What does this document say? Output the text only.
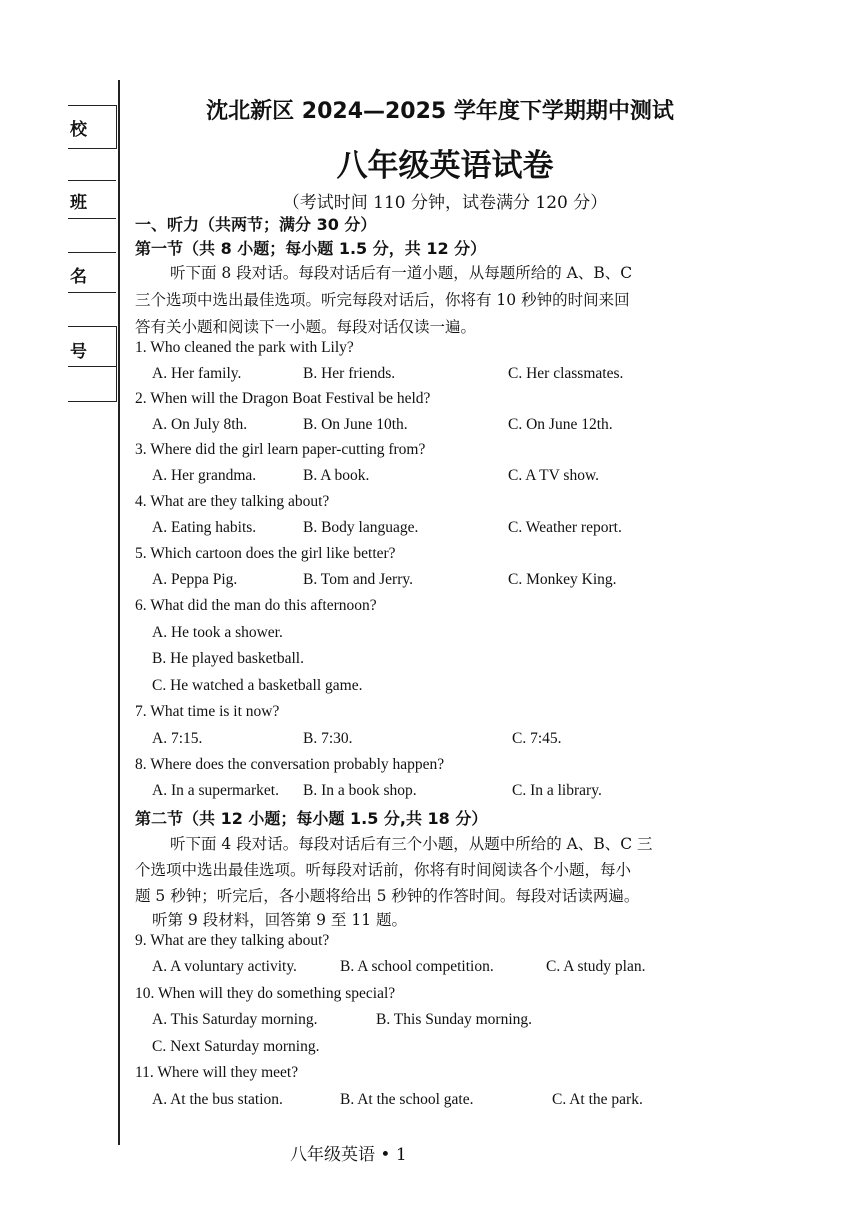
校
班
名
号
沈北新区 2024—2025 学年度下学期期中测试
八年级英语试卷
（考试时间 110 分钟，试卷满分 120 分）
一、听力（共两节；满分 30 分）
第一节（共 8 小题；每小题 1.5 分，共 12 分）
听下面 8 段对话。每段对话后有一道小题，从每题所给的 A、B、C
三个选项中选出最佳选项。听完每段对话后，你将有 10 秒钟的时间来回
答有关小题和阅读下一小题。每段对话仅读一遍。
1. Who cleaned the park with Lily?
A. Her family.	B. Her friends.	C. Her classmates.
2. When will the Dragon Boat Festival be held?
A. On July 8th.	B. On June 10th.	C. On June 12th.
3. Where did the girl learn paper-cutting from?
A. Her grandma.	B. A book.	C. A TV show.
4. What are they talking about?
A. Eating habits.	B. Body language.	C. Weather report.
5. Which cartoon does the girl like better?
A. Peppa Pig.	B. Tom and Jerry.	C. Monkey King.
6. What did the man do this afternoon?
A. He took a shower.
B. He played basketball.
C. He watched a basketball game.
7. What time is it now?
A. 7:15.	B. 7:30.	C. 7:45.
8. Where does the conversation probably happen?
A. In a supermarket. B. In a book shop.	C. In a library.
第二节（共 12 小题；每小题 1.5 分,共 18 分）
听下面 4 段对话。每段对话后有三个小题，从题中所给的 A、B、C 三
个选项中选出最佳选项。听每段对话前，你将有时间阅读各个小题，每小
题 5 秒钟；听完后，各小题将给出 5 秒钟的作答时间。每段对话读两遍。
听第 9 段材料，回答第 9 至 11 题。
9. What are they talking about?
A. A voluntary activity.	B. A school competition.	C. A study plan.
10. When will they do something special?
A. This Saturday morning.	B. This Sunday morning.
C. Next Saturday morning.
11. Where will they meet?
A. At the bus station.	B. At the school gate.	C. At the park.
八年级英语 • 1
